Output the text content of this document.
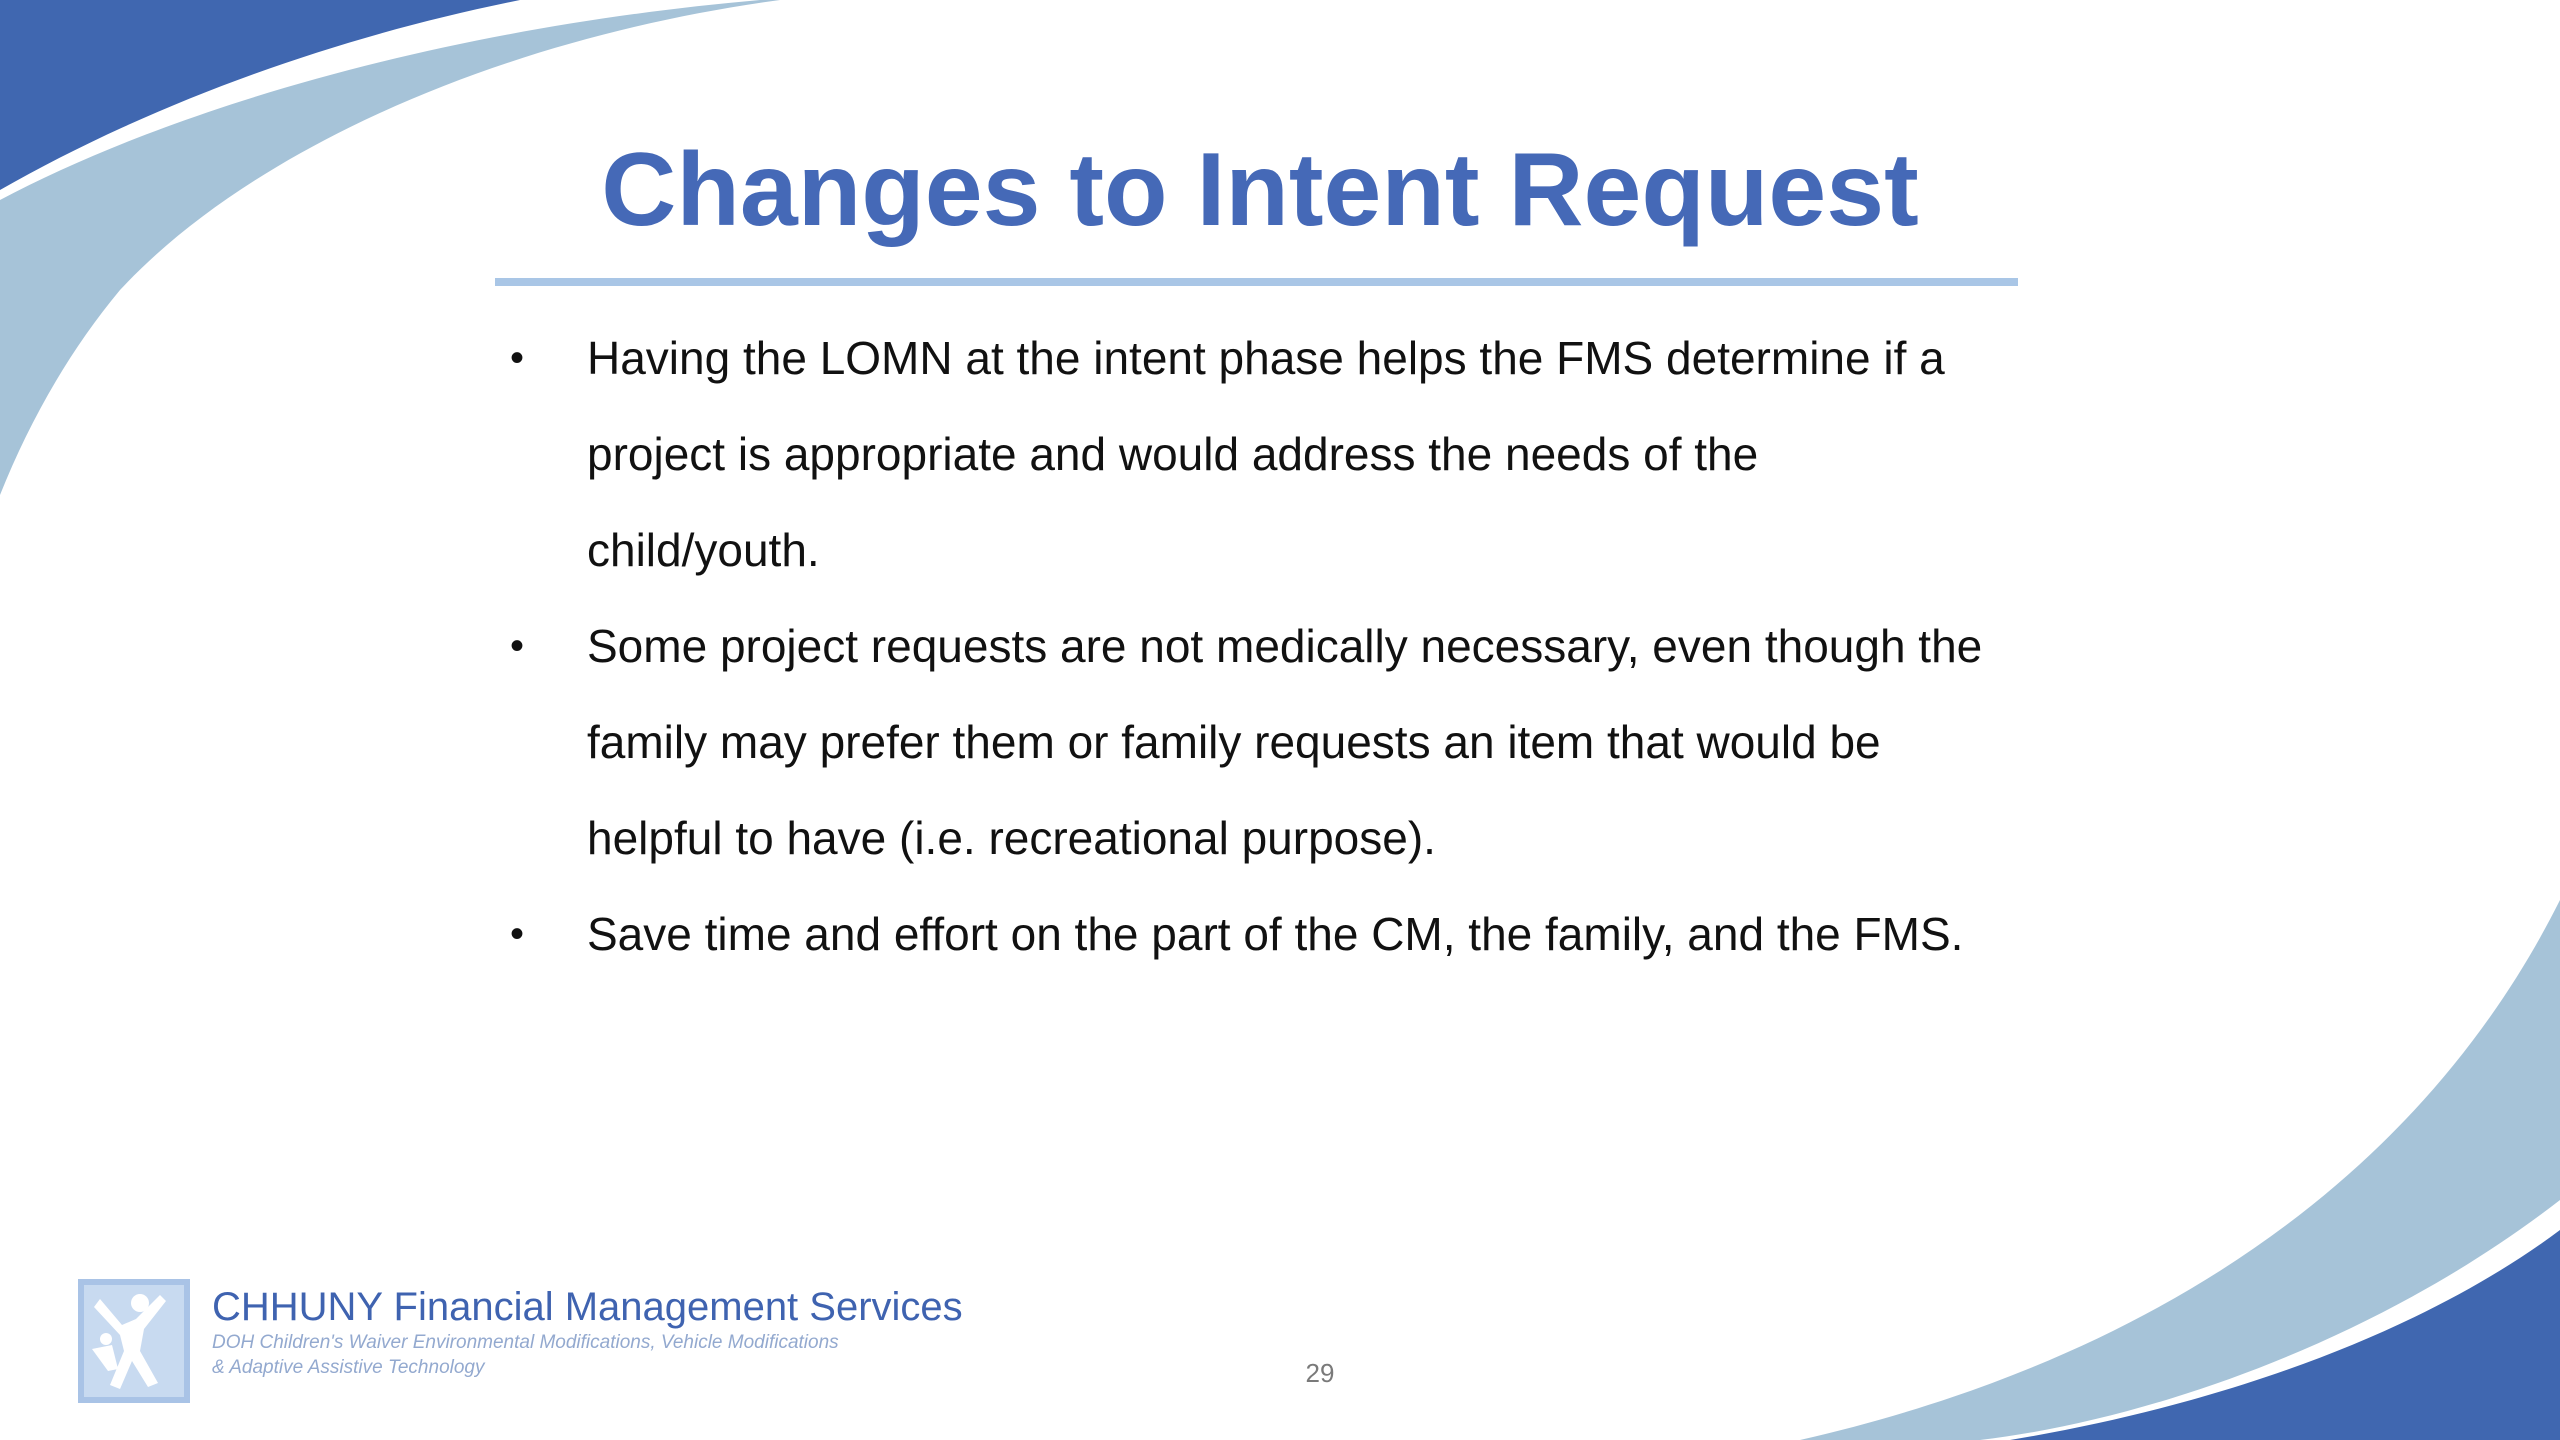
Changes to Intent Request
• Having the LOMN at the intent phase helps the FMS determine if a
project is appropriate and would address the needs of the
child/youth.
• Some project requests are not medically necessary, even though the
family may prefer them or family requests an item that would be
helpful to have (i.e. recreational purpose).
• Save time and effort on the part of the CM, the family, and the FMS.
CHHUNY Financial Management Services
DOH Children's Waiver Environmental Modifications, Vehicle Modifications
& Adaptive Assistive Technology	29
